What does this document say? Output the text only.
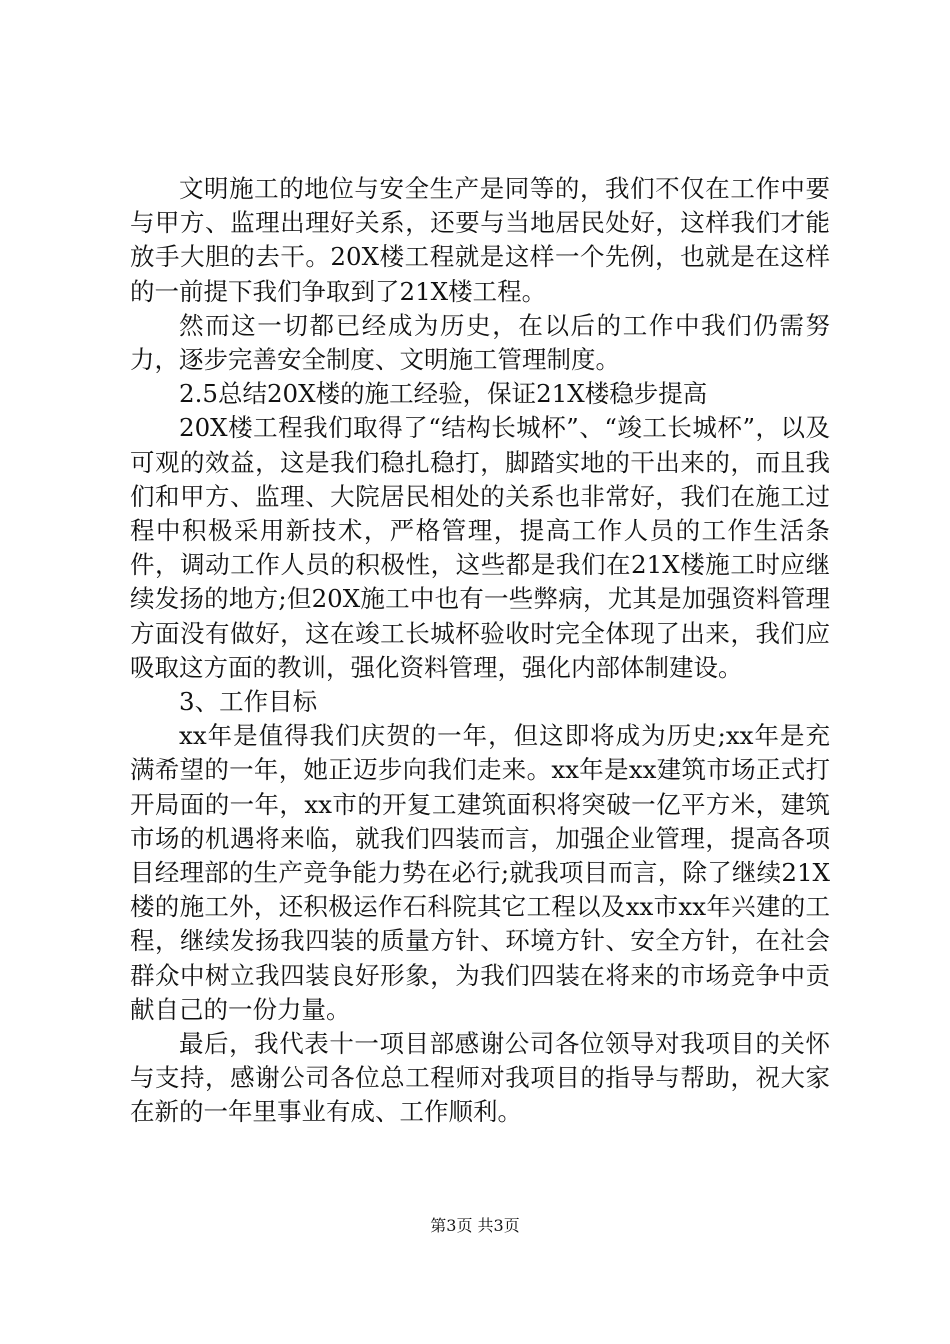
文明施工的地位与安全生产是同等的，我们不仅在工作中要与甲方、监理出理好关系，还要与当地居民处好，这样我们才能放手大胆的去干。20X楼工程就是这样一个先例，也就是在这样的一前提下我们争取到了21X楼工程。

然而这一切都已经成为历史，在以后的工作中我们仍需努力，逐步完善安全制度、文明施工管理制度。

2.5总结20X楼的施工经验，保证21X楼稳步提高

20X楼工程我们取得了“结构长城杯”、“竣工长城杯”，以及可观的效益，这是我们稳扎稳打，脚踏实地的干出来的，而且我们和甲方、监理、大院居民相处的关系也非常好，我们在施工过程中积极采用新技术，严格管理，提高工作人员的工作生活条件，调动工作人员的积极性，这些都是我们在21X楼施工时应继续发扬的地方;但20X施工中也有一些弊病，尤其是加强资料管理方面没有做好，这在竣工长城杯验收时完全体现了出来，我们应吸取这方面的教训，强化资料管理，强化内部体制建设。

3、工作目标

xx年是值得我们庆贺的一年，但这即将成为历史;xx年是充满希望的一年，她正迈步向我们走来。xx年是xx建筑市场正式打开局面的一年，xx市的开复工建筑面积将突破一亿平方米，建筑市场的机遇将来临，就我们四装而言，加强企业管理，提高各项目经理部的生产竞争能力势在必行;就我项目而言，除了继续21X楼的施工外，还积极运作石科院其它工程以及xx市xx年兴建的工程，继续发扬我四装的质量方针、环境方针、安全方针，在社会群众中树立我四装良好形象，为我们四装在将来的市场竞争中贡献自己的一份力量。

最后，我代表十一项目部感谢公司各位领导对我项目的关怀与支持，感谢公司各位总工程师对我项目的指导与帮助，祝大家在新的一年里事业有成、工作顺利。

第3页 共3页
